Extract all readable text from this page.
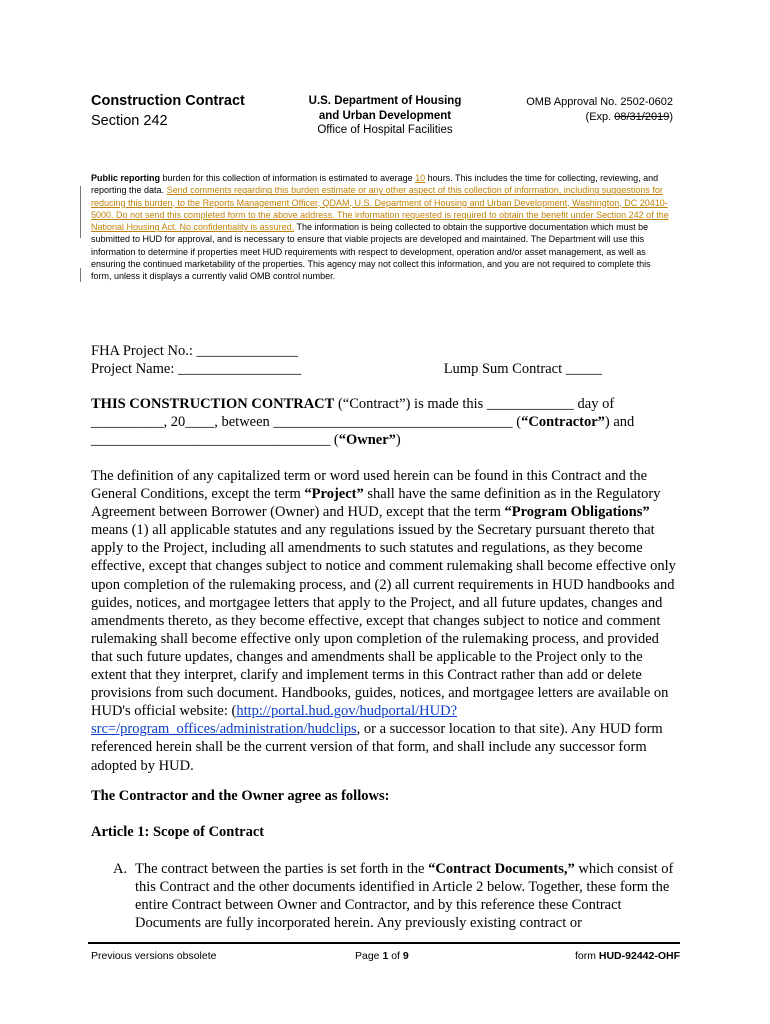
Construction Contract
Section 242
U.S. Department of Housing
and Urban Development
Office of Hospital Facilities
OMB Approval No. 2502-0602
(Exp. 08/31/2019)
Public reporting burden for this collection of information is estimated to average 10 hours. This includes the time for collecting, reviewing, and reporting the data. Send comments regarding this burden estimate or any other aspect of this collection of information, including suggestions for reducing this burden, to the Reports Management Officer, QDAM, U.S. Department of Housing and Urban Development, Washington, DC 20410-5000. Do not send this completed form to the above address. The information requested is required to obtain the benefit under Section 242 of the National Housing Act. No confidentiality is assured. The information is being collected to obtain the supportive documentation which must be submitted to HUD for approval, and is necessary to ensure that viable projects are developed and maintained. The Department will use this information to determine if properties meet HUD requirements with respect to development, operation and/or asset management, as well as ensuring the continued marketability of the properties. This agency may not collect this information, and you are not required to complete this form, unless it displays a currently valid OMB control number.
FHA Project No.: ______________
Project Name: _________________	Lump Sum Contract _____
THIS CONSTRUCTION CONTRACT (“Contract”) is made this ____________ day of __________, 20____, between _________________________________ (“Contractor”) and _________________________________ (“Owner”)
The definition of any capitalized term or word used herein can be found in this Contract and the General Conditions, except the term “Project” shall have the same definition as in the Regulatory Agreement between Borrower (Owner) and HUD, except that the term “Program Obligations” means (1) all applicable statutes and any regulations issued by the Secretary pursuant thereto that apply to the Project, including all amendments to such statutes and regulations, as they become effective, except that changes subject to notice and comment rulemaking shall become effective only upon completion of the rulemaking process, and (2) all current requirements in HUD handbooks and guides, notices, and mortgagee letters that apply to the Project, and all future updates, changes and amendments thereto, as they become effective, except that changes subject to notice and comment rulemaking shall become effective only upon completion of the rulemaking process, and provided that such future updates, changes and amendments shall be applicable to the Project only to the extent that they interpret, clarify and implement terms in this Contract rather than add or delete provisions from such document. Handbooks, guides, notices, and mortgagee letters are available on HUD's official website: (http://portal.hud.gov/hudportal/HUD?src=/program_offices/administration/hudclips, or a successor location to that site). Any HUD form referenced herein shall be the current version of that form, and shall include any successor form adopted by HUD.
The Contractor and the Owner agree as follows:
Article 1: Scope of Contract
A. The contract between the parties is set forth in the “Contract Documents,” which consist of this Contract and the other documents identified in Article 2 below. Together, these form the entire Contract between Owner and Contractor, and by this reference these Contract Documents are fully incorporated herein. Any previously existing contract or
Previous versions obsolete	Page 1 of 9	form HUD-92442-OHF
